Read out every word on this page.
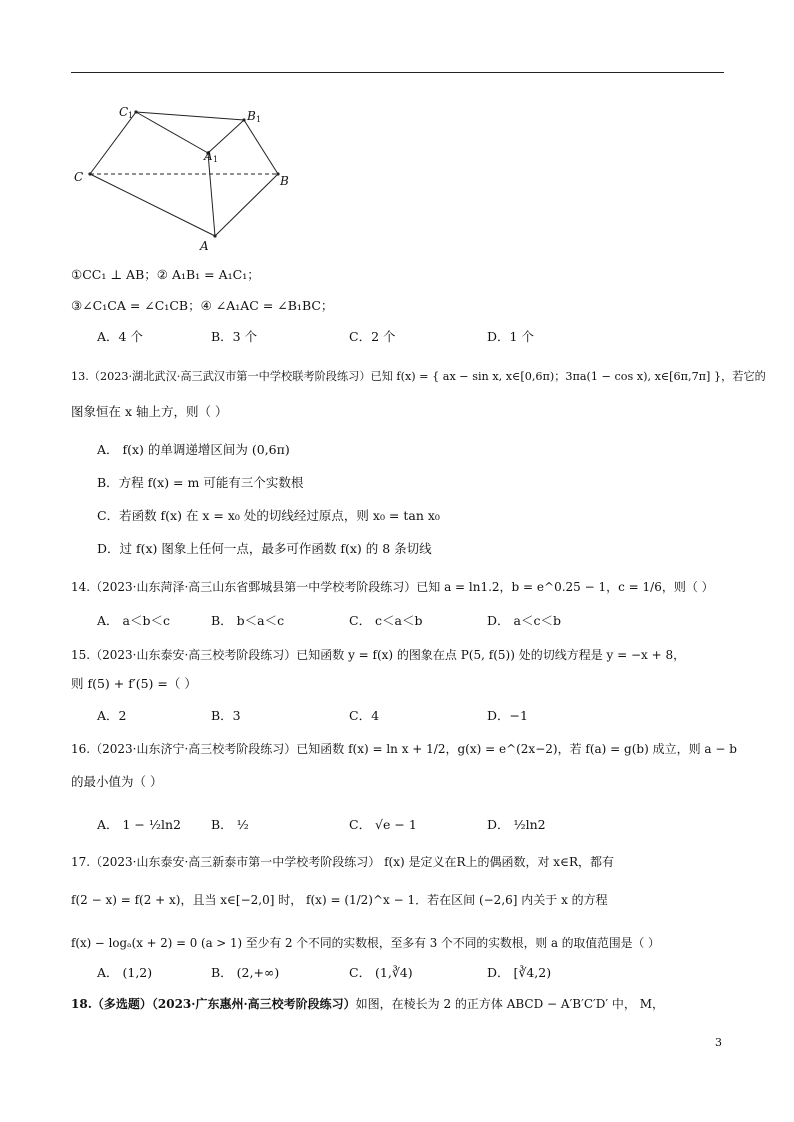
C 1	B 1
A 1
C	B
A
①CC₁ ⊥ AB；② A₁B₁ = A₁C₁；
③∠C₁CA = ∠C₁CB；④ ∠A₁AC = ∠B₁BC；
A．4 个	B．3 个	C．2 个	D．1 个
13.（2023·湖北武汉·高三武汉市第一中学校联考阶段练习）已知 f(x) = { ax − sin x, x∈[0,6π)；3πa(1 − cos x), x∈[6π,7π] }，若它的
图象恒在 x 轴上方，则（ ）
A． f(x) 的单调递增区间为 (0,6π)
B．方程 f(x) = m 可能有三个实数根
C．若函数 f(x) 在 x = x₀ 处的切线经过原点，则 x₀ = tan x₀
D．过 f(x) 图象上任何一点，最多可作函数 f(x) 的 8 条切线
14.（2023·山东菏泽·高三山东省鄄城县第一中学校考阶段练习）已知 a = ln1.2，b = e^0.25 − 1，c = 1/6，则（ ）
A． a＜b＜c	B． b＜a＜c	C． c＜a＜b	D． a＜c＜b
15.（2023·山东泰安·高三校考阶段练习）已知函数 y = f(x) 的图象在点 P(5, f(5)) 处的切线方程是 y = −x + 8，
则 f(5) + f′(5) =（ ）
A．2	B．3	C．4	D．−1
16.（2023·山东济宁·高三校考阶段练习）已知函数 f(x) = ln x + 1/2，g(x) = e^(2x−2)，若 f(a) = g(b) 成立，则 a − b
的最小值为（ ）
A． 1 − ½ln2 B． ½	C． √e − 1	D． ½ln2
17.（2023·山东泰安·高三新泰市第一中学校考阶段练习） f(x) 是定义在R上的偶函数，对 x∈R，都有
f(2 − x) = f(2 + x)，且当 x∈[−2,0] 时， f(x) = (1/2)^x − 1．若在区间 (−2,6] 内关于 x 的方程
f(x) − logₐ(x + 2) = 0 (a > 1) 至少有 2 个不同的实数根，至多有 3 个不同的实数根，则 a 的取值范围是（ ）
A． (1,2)	B． (2,+∞)	C． (1,∛4)	D． [∛4,2)
18.（多选题）（2023·广东惠州·高三校考阶段练习）如图，在棱长为 2 的正方体 ABCD − A′B′C′D′ 中， M，
3
